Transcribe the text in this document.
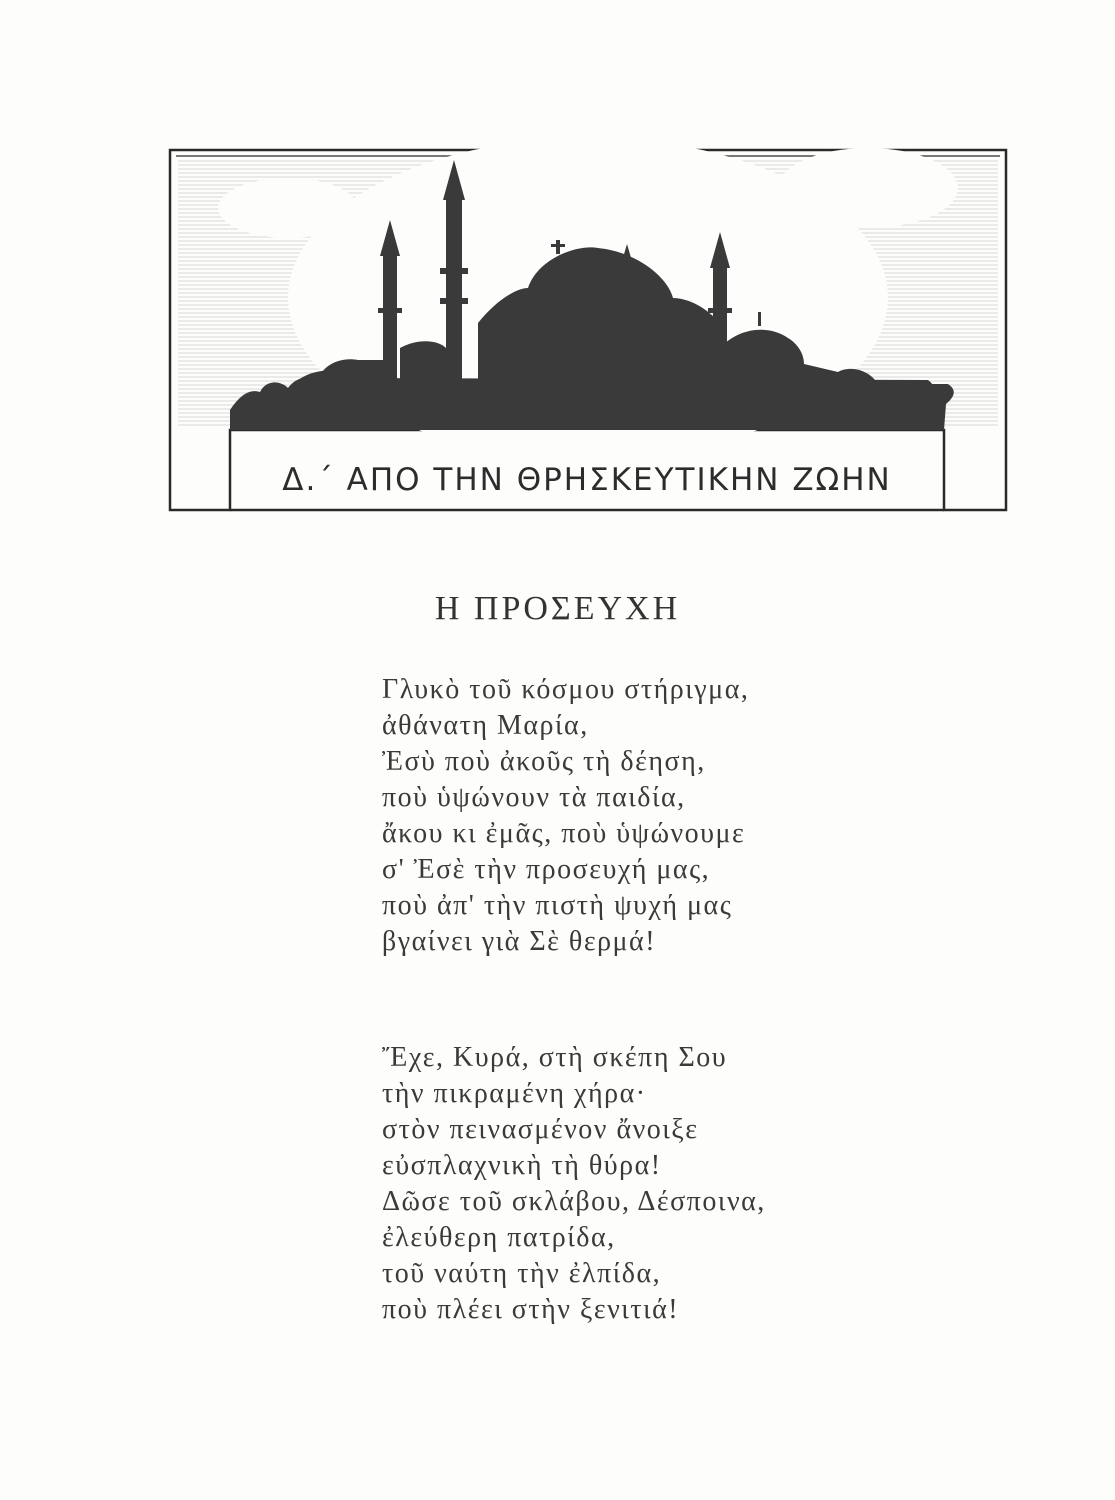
Δ.΄ ΑΠΟ ΤΗΝ ΘΡΗΣΚΕΥΤΙΚΗΝ ΖΩΗΝ
Η ΠΡΟΣΕΥΧΗ
Γλυκὸ τοῦ κόσμου στήριγμα,
ἀθάνατη Μαρία,
Ἐσὺ ποὺ ἀκοῦς τὴ δέηση,
ποὺ ὑψώνουν τὰ παιδία,
ἄκου κι ἐμᾶς, ποὺ ὑψώνουμε
σ' Ἐσὲ τὴν προσευχή μας,
ποὺ ἀπ' τὴν πιστὴ ψυχή μας
βγαίνει γιὰ Σὲ θερμά!
Ἔχε, Κυρά, στὴ σκέπη Σου
τὴν πικραμένη χήρα·
στὸν πεινασμένον ἄνοιξε
εὐσπλαχνικὴ τὴ θύρα!
Δῶσε τοῦ σκλάβου, Δέσποινα,
ἐλεύθερη πατρίδα,
τοῦ ναύτη τὴν ἐλπίδα,
ποὺ πλέει στὴν ξενιτιά!
